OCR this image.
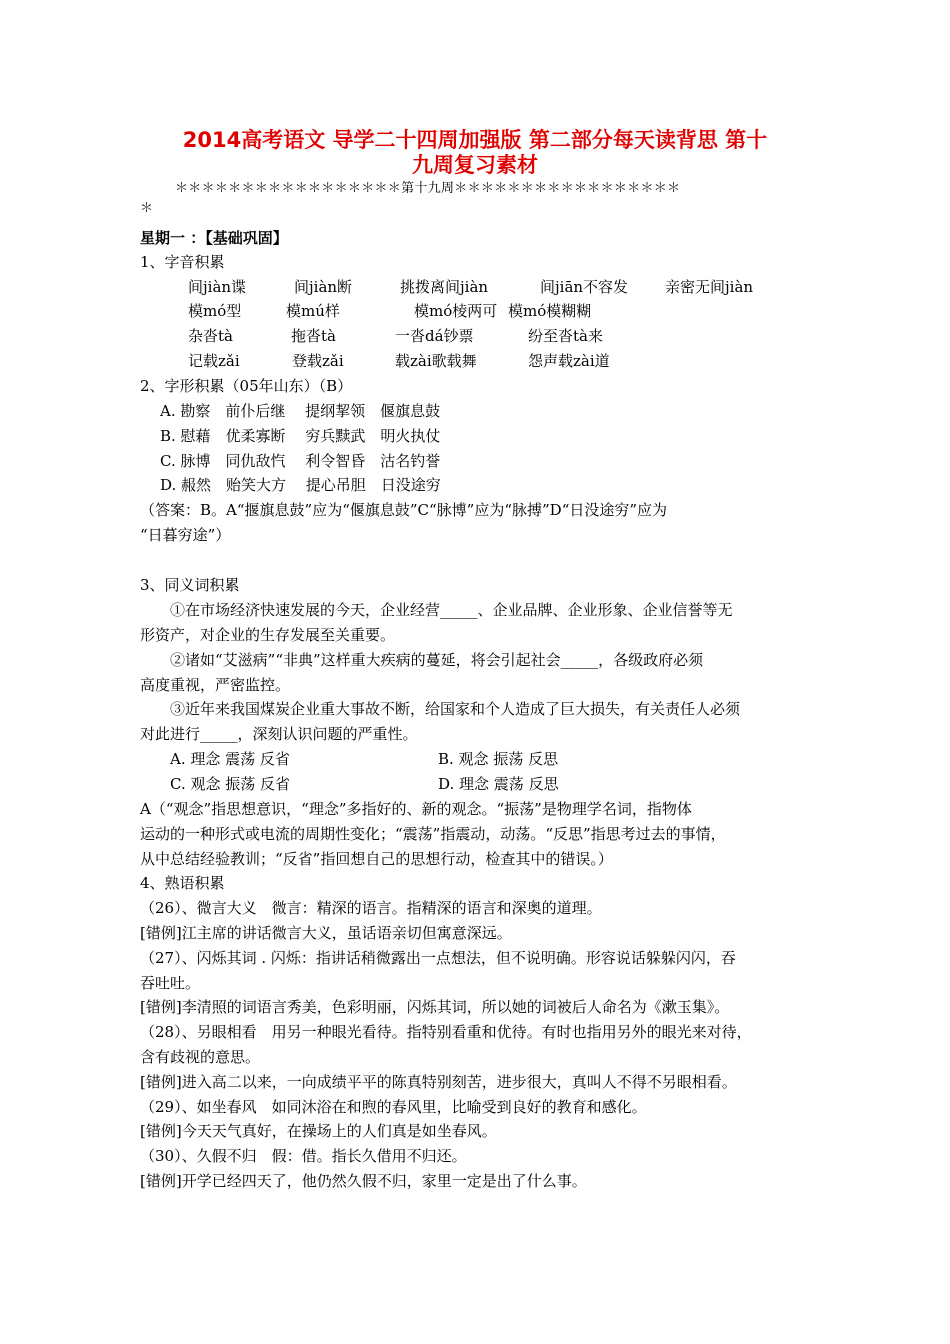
2014高考语文 导学二十四周加强版 第二部分每天读背思 第十
九周复习素材
＊＊＊＊＊＊＊＊＊＊＊＊＊＊＊＊＊第十九周＊＊＊＊＊＊＊＊＊＊＊＊＊＊＊＊＊
＊
星期一 ：【基础巩固】
1、字音积累
间jiàn谍	间jiàn断	挑拨离间jiàn	间jiān不容发 亲密无间jiàn
模mó型	模mú样	模mó棱两可 模mó模糊糊
杂沓tà	拖沓tà	一沓dá钞票	纷至沓tà来
记载zǎi	登载zǎi	载zài歌载舞	怨声载zài道
2、字形积累（05年山东）（B）
A. 勘察　前仆后继　 提纲挈领　偃旗息鼓
B. 慰藉　优柔寡断　 穷兵黩武　明火执仗
C. 脉博　同仇敌忾　 利令智昏　沽名钓誉
D. 赧然　贻笑大方　 提心吊胆　日没途穷
（答案：B。A“揠旗息鼓”应为“偃旗息鼓”C“脉博”应为“脉搏”D“日没途穷”应为
“日暮穷途”）
3、同义词积累
①在市场经济快速发展的今天，企业经营_____、企业品牌、企业形象、企业信誉等无
形资产，对企业的生存发展至关重要。
②诸如“艾滋病”“非典”这样重大疾病的蔓延，将会引起社会_____，各级政府必须
高度重视，严密监控。
③近年来我国煤炭企业重大事故不断，给国家和个人造成了巨大损失，有关责任人必须
对此进行_____，深刻认识问题的严重性。
A. 理念 震荡 反省	B. 观念 振荡 反思
C. 观念 振荡 反省	D. 理念 震荡 反思
A（“观念”指思想意识，“理念”多指好的、新的观念。“振荡”是物理学名词，指物体
运动的一种形式或电流的周期性变化；“震荡”指震动，动荡。“反思”指思考过去的事情，
从中总结经验教训；“反省”指回想自己的思想行动，检查其中的错误。）
4、熟语积累
（26）、微言大义　微言：精深的语言。指精深的语言和深奥的道理。
[错例]江主席的讲话微言大义，虽话语亲切但寓意深远。
（27）、闪烁其词 . 闪烁：指讲话稍微露出一点想法，但不说明确。形容说话躲躲闪闪，吞
吞吐吐。
[错例]李清照的词语言秀美，色彩明丽，闪烁其词，所以她的词被后人命名为《漱玉集》。
（28）、另眼相看　用另一种眼光看待。指特别看重和优待。有时也指用另外的眼光来对待，
含有歧视的意思。
[错例]进入高二以来，一向成绩平平的陈真特别刻苦，进步很大，真叫人不得不另眼相看。
（29）、如坐春风　如同沐浴在和煦的春风里，比喻受到良好的教育和感化。
[错例]今天天气真好，在操场上的人们真是如坐春风。
（30）、久假不归　假：借。指长久借用不归还。
[错例]开学已经四天了，他仍然久假不归，家里一定是出了什么事。
